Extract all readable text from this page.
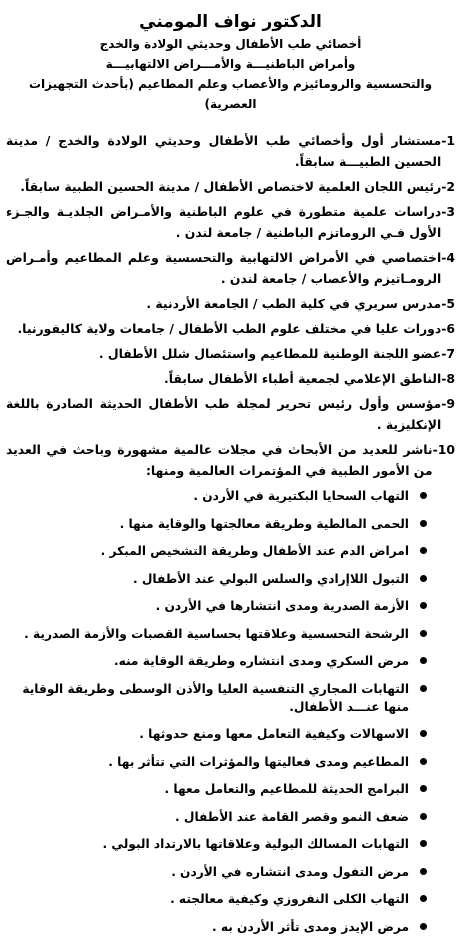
الدكتور نواف المومني
أخصائي طب الأطفال وحديثي الولادة والخدج
وأمراض الباطنيـــة والأمـــراض الالتهابيـــة
والتحسسية والرومائيزم والأعصاب وعلم المطاعيم (بأحدث التجهيزات العصرية)
1-
مستشار أول وأخصائي طب الأطفال وحديثي الولادة والخدج / مدينة الحسين الطبيـــة سابقاً.
2-
رئيس اللجان العلمية لاختصاص الأطفال / مدينة الحسين الطبية سابقاً.
3-
دراسات علمية متطورة في علوم الباطنية والأمـراض الجلديـة والجـزء الأول فـي الروماتزم الباطنية / جامعة لندن .
4-
اختصاصي في الأمراض الالتهابية والتحسسية وعلم المطاعيم وأمـراض الرومـاتيزم والأعصاب / جامعة لندن .
5-
مدرس سريري في كلية الطب / الجامعة الأردنية .
6-
دورات عليا في مختلف علوم الطب الأطفال / جامعات ولاية كاليفورنيا.
7-
عضو اللجنة الوطنية للمطاعيم واستئصال شلل الأطفال .
8-
الناطق الإعلامي لجمعية أطباء الأطفال سابقاً.
9-
مؤسس وأول رئيس تحرير لمجلة طب الأطفال الحديثة الصادرة باللغة الإنكليزية .
10-
ناشر للعديد من الأبحاث في مجلات عالمية مشهورة وباحث في العديد من الأمور الطبية في المؤتمرات العالمية ومنها:
التهاب السحايا البكتيرية في الأردن .
الحمى المالطية وطريقة معالجتها والوقاية منها .
امراض الدم عند الأطفال وطريقة التشخيص المبكر .
التبول اللاإرادي والسلس البولي عند الأطفال .
الأزمة الصدرية ومدى انتشارها في الأردن .
الرشحة التحسسية وعلاقتها بحساسية القصبات والأزمة الصدرية .
مرض السكري ومدى انتشاره وطريقة الوقاية منه.
التهابات المجاري التنفسية العليا والأذن الوسطى وطريقة الوقاية منها عنـــد الأطفال.
الاسهالات وكيفية التعامل معها ومنع حدوثها .
المطاعيم ومدى فعاليتها والمؤثرات التي تتأثر بها .
البرامج الحديثة للمطاعيم والتعامل معها .
ضعف النمو وقصر القامة عند الأطفال .
التهابات المسالك البولية وعلاقاتها بالارتداد البولي .
مرض التفول ومدى انتشاره في الأردن .
التهاب الكلى النفروزي وكيفية معالجته .
مرض الإيدز ومدى تأثر الأردن به .
